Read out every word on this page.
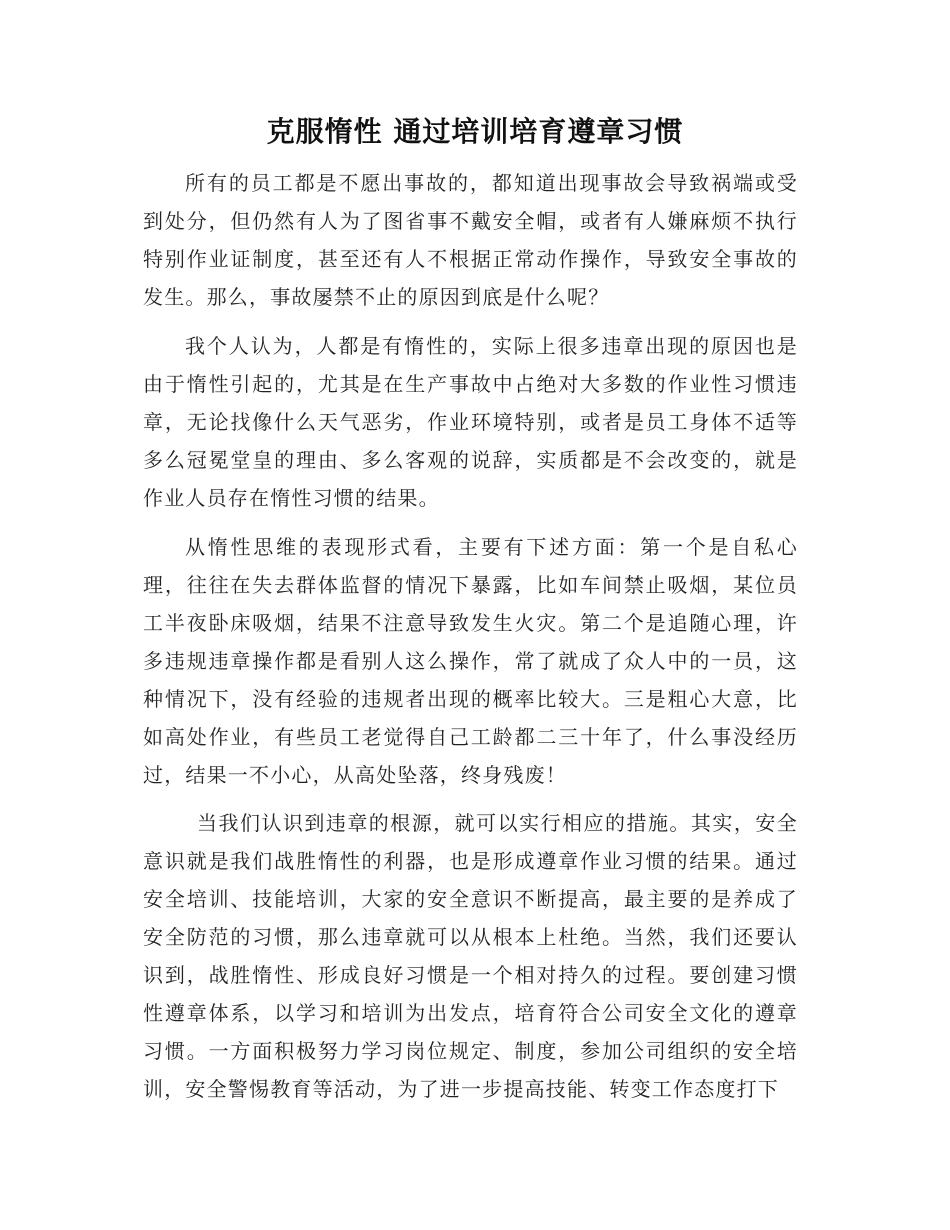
克服惰性 通过培训培育遵章习惯

所有的员工都是不愿出事故的，都知道出现事故会导致祸端或受到处分，但仍然有人为了图省事不戴安全帽，或者有人嫌麻烦不执行特别作业证制度，甚至还有人不根据正常动作操作，导致安全事故的发生。那么，事故屡禁不止的原因到底是什么呢？

我个人认为，人都是有惰性的，实际上很多违章出现的原因也是由于惰性引起的，尤其是在生产事故中占绝对大多数的作业性习惯违章，无论找像什么天气恶劣，作业环境特别，或者是员工身体不适等多么冠冕堂皇的理由、多么客观的说辞，实质都是不会改变的，就是作业人员存在惰性习惯的结果。

从惰性思维的表现形式看，主要有下述方面：第一个是自私心理，往往在失去群体监督的情况下暴露，比如车间禁止吸烟，某位员工半夜卧床吸烟，结果不注意导致发生火灾。第二个是追随心理，许多违规违章操作都是看别人这么操作，常了就成了众人中的一员，这种情况下，没有经验的违规者出现的概率比较大。三是粗心大意，比如高处作业，有些员工老觉得自己工龄都二三十年了，什么事没经历过，结果一不小心，从高处坠落，终身残废！

当我们认识到违章的根源，就可以实行相应的措施。其实，安全意识就是我们战胜惰性的利器，也是形成遵章作业习惯的结果。通过安全培训、技能培训，大家的安全意识不断提高，最主要的是养成了安全防范的习惯，那么违章就可以从根本上杜绝。当然，我们还要认识到，战胜惰性、形成良好习惯是一个相对持久的过程。要创建习惯性遵章体系，以学习和培训为出发点，培育符合公司安全文化的遵章习惯。一方面积极努力学习岗位规定、制度，参加公司组织的安全培训，安全警惕教育等活动，为了进一步提高技能、转变工作态度打下
